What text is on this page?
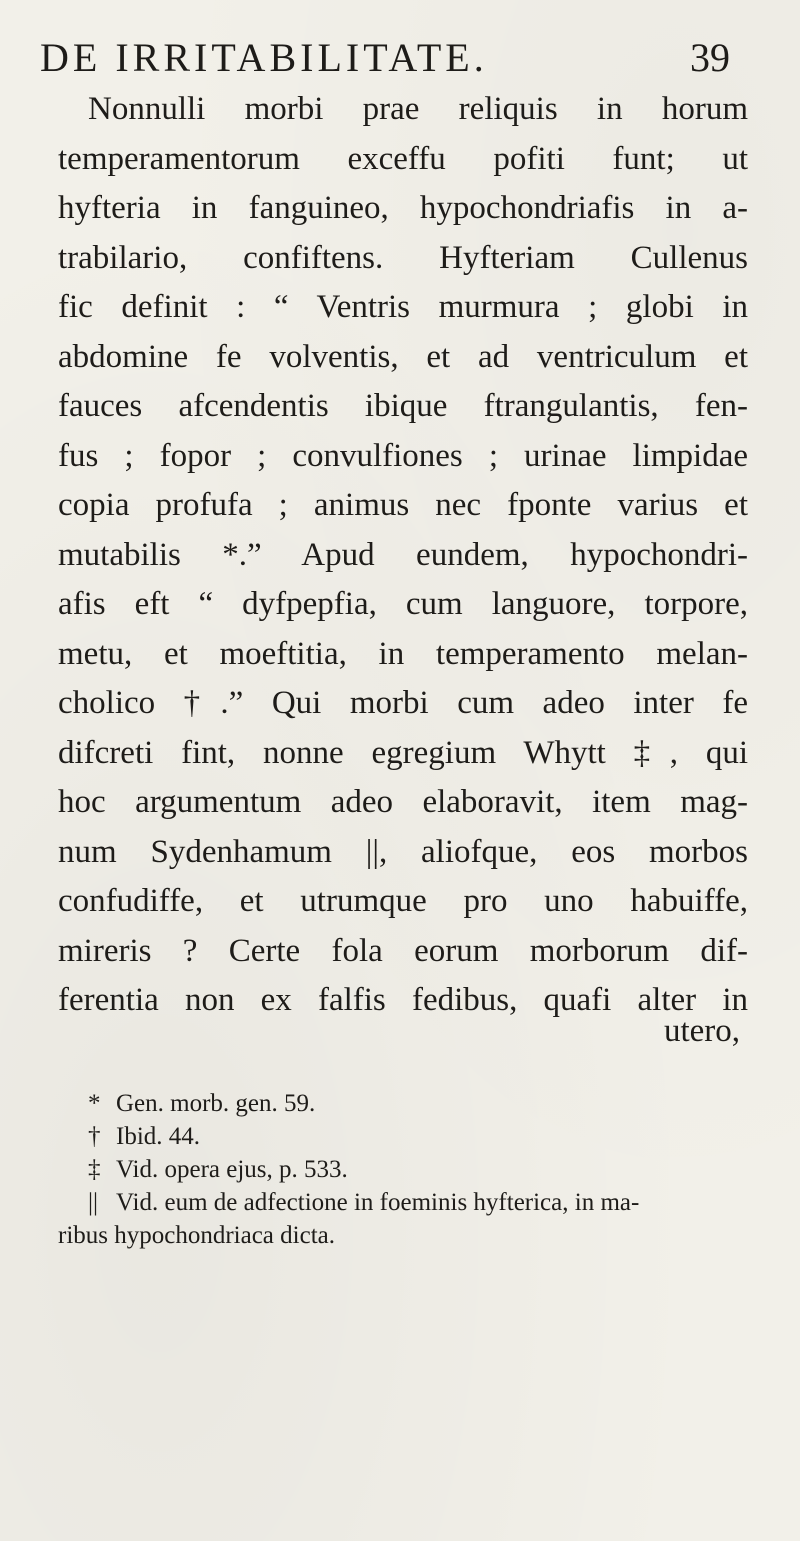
DE IRRITABILITATE.	39
Nonnulli morbi prae reliquis in horum
temperamentorum exceffu pofiti funt; ut
hyfteria in fanguineo, hypochondriafis in a-
trabilario, confiftens. Hyfteriam Cullenus
fic definit : “ Ventris murmura ; globi in
abdomine fe volventis, et ad ventriculum et
fauces afcendentis ibique ftrangulantis, fen-
fus ; fopor ; convulfiones ; urinae limpidae
copia profufa ; animus nec fponte varius et
mutabilis *.” Apud eundem, hypochondri-
afis eft “ dyfpepfia, cum languore, torpore,
metu, et moeftitia, in temperamento melan-
cholico †.” Qui morbi cum adeo inter fe
difcreti fint, nonne egregium Whytt ‡, qui
hoc argumentum adeo elaboravit, item mag-
num Sydenhamum ||, aliofque, eos morbos
confudiffe, et utrumque pro uno habuiffe,
mireris ? Certe fola eorum morborum dif-
ferentia non ex falfis fedibus, quafi alter in
utero,
* Gen. morb. gen. 59.
† Ibid. 44.
‡ Vid. opera ejus, p. 533.
|| Vid. eum de adfectione in foeminis hyfterica, in ma-
ribus hypochondriaca dicta.
